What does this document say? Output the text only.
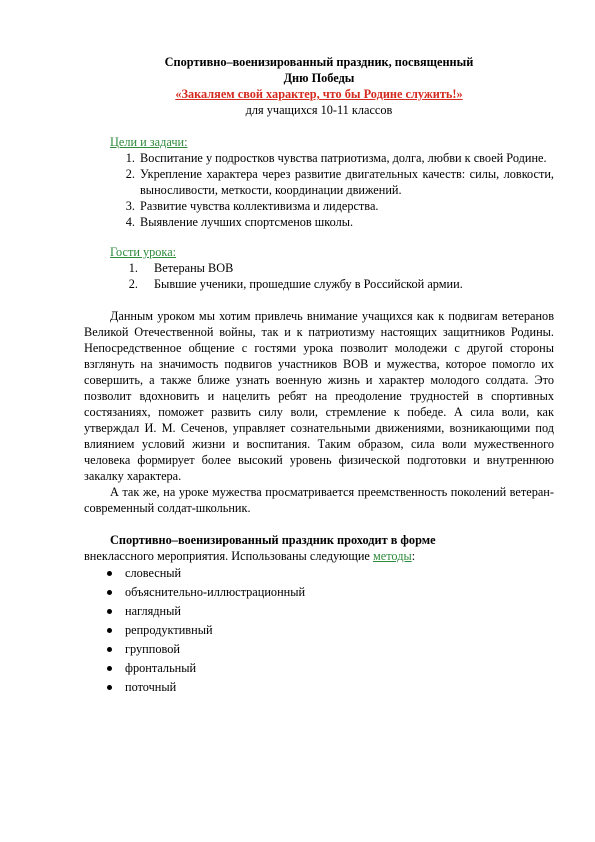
Спортивно–военизированный праздник, посвященный
Дню Победы
«Закаляем свой характер, что бы Родине служить!»
для учащихся 10-11 классов
Цели и задачи:
1. Воспитание у подростков чувства патриотизма, долга, любви к своей Родине.
2. Укрепление характера через развитие двигательных качеств: силы, ловкости, выносливости, меткости, координации движений.
3. Развитие чувства коллективизма и лидерства.
4. Выявление лучших спортсменов школы.
Гости урока:
1.	Ветераны ВОВ
2.	Бывшие ученики, прошедшие службу в Российской армии.

Данным уроком мы хотим привлечь внимание учащихся как к подвигам ветеранов Великой Отечественной войны, так и к патриотизму настоящих защитников Родины. Непосредственное общение с гостями урока позволит молодежи с другой стороны взглянуть на значимость подвигов участников ВОВ и мужества, которое помогло их совершить, а также ближе узнать военную жизнь и характер молодого солдата. Это позволит вдохновить и нацелить ребят на преодоление трудностей в спортивных состязаниях, поможет развить силу воли, стремление к победе. А сила воли, как утверждал И. М. Сеченов, управляет сознательными движениями, возникающими под влиянием условий жизни и воспитания. Таким образом, сила воли мужественного человека формирует более высокий уровень физической подготовки и внутреннюю закалку характера.

А так же, на уроке мужества просматривается преемственность поколений ветеран-современный солдат-школьник.

Спортивно–военизированный праздник проходит в форме
внеклассного мероприятия. Использованы следующие методы:

словесный
объяснительно-иллюстрационный
наглядный
репродуктивный
групповой
фронтальный
поточный
